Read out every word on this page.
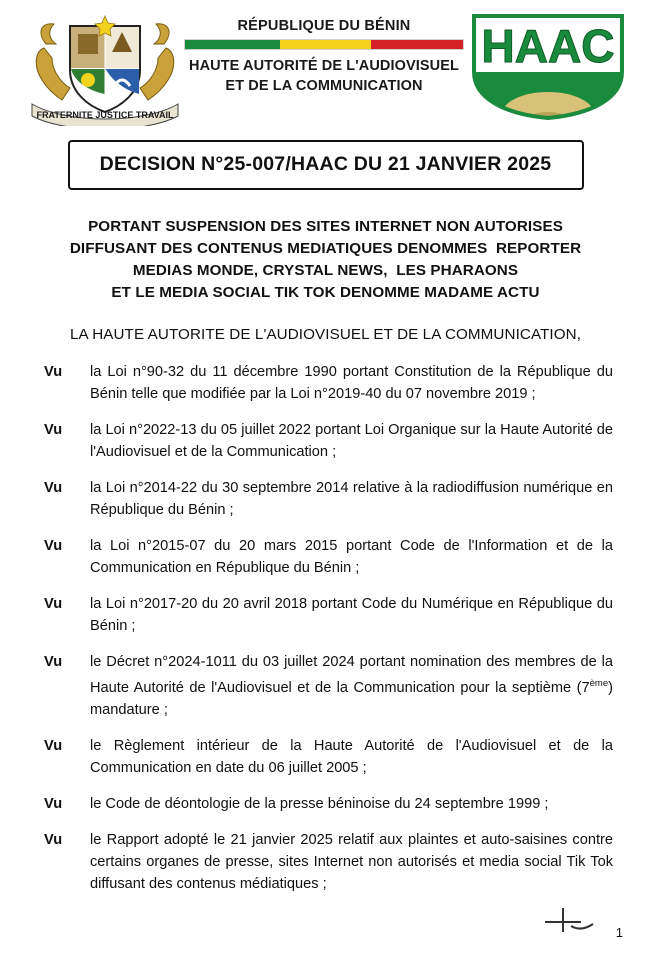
FRATERNITE JUSTICE TRAVAIL
RÉPUBLIQUE DU BÉNIN
HAUTE AUTORITÉ DE L'AUDIOVISUEL
ET DE LA COMMUNICATION
HAAC
DECISION N°25-007/HAAC DU 21 JANVIER 2025
PORTANT SUSPENSION DES SITES INTERNET NON AUTORISES
DIFFUSANT DES CONTENUS MEDIATIQUES DENOMMES  REPORTER
MEDIAS MONDE, CRYSTAL NEWS,  LES PHARAONS
ET LE MEDIA SOCIAL TIK TOK DENOMME MADAME ACTU
LA HAUTE AUTORITE DE L'AUDIOVISUEL ET DE LA COMMUNICATION,
Vu	la Loi n°90-32 du 11 décembre 1990 portant Constitution de la République du Bénin telle que modifiée par la Loi n°2019-40 du 07 novembre 2019 ;
Vu	la Loi n°2022-13 du 05 juillet 2022 portant Loi Organique sur la Haute Autorité de l'Audiovisuel et de la Communication ;
Vu	la Loi n°2014-22 du 30 septembre 2014 relative à la radiodiffusion numérique en République du Bénin ;
Vu	la Loi n°2015-07 du 20 mars 2015 portant Code de l'Information et de la Communication en République du Bénin ;
Vu	la Loi n°2017-20 du 20 avril 2018 portant Code du Numérique en République du Bénin ;
Vu	le Décret n°2024-1011 du 03 juillet 2024 portant nomination des membres de la Haute Autorité de l'Audiovisuel et de la Communication pour la septième (7ème) mandature ;
Vu	le Règlement intérieur de la Haute Autorité de l'Audiovisuel et de la Communication en date du 06 juillet 2005 ;
Vu	le Code de déontologie de la presse béninoise du 24 septembre 1999 ;
Vu	le Rapport adopté le 21 janvier 2025 relatif aux plaintes et auto-saisines contre certains organes de presse, sites Internet non autorisés et media social Tik Tok diffusant des contenus médiatiques ;
1
